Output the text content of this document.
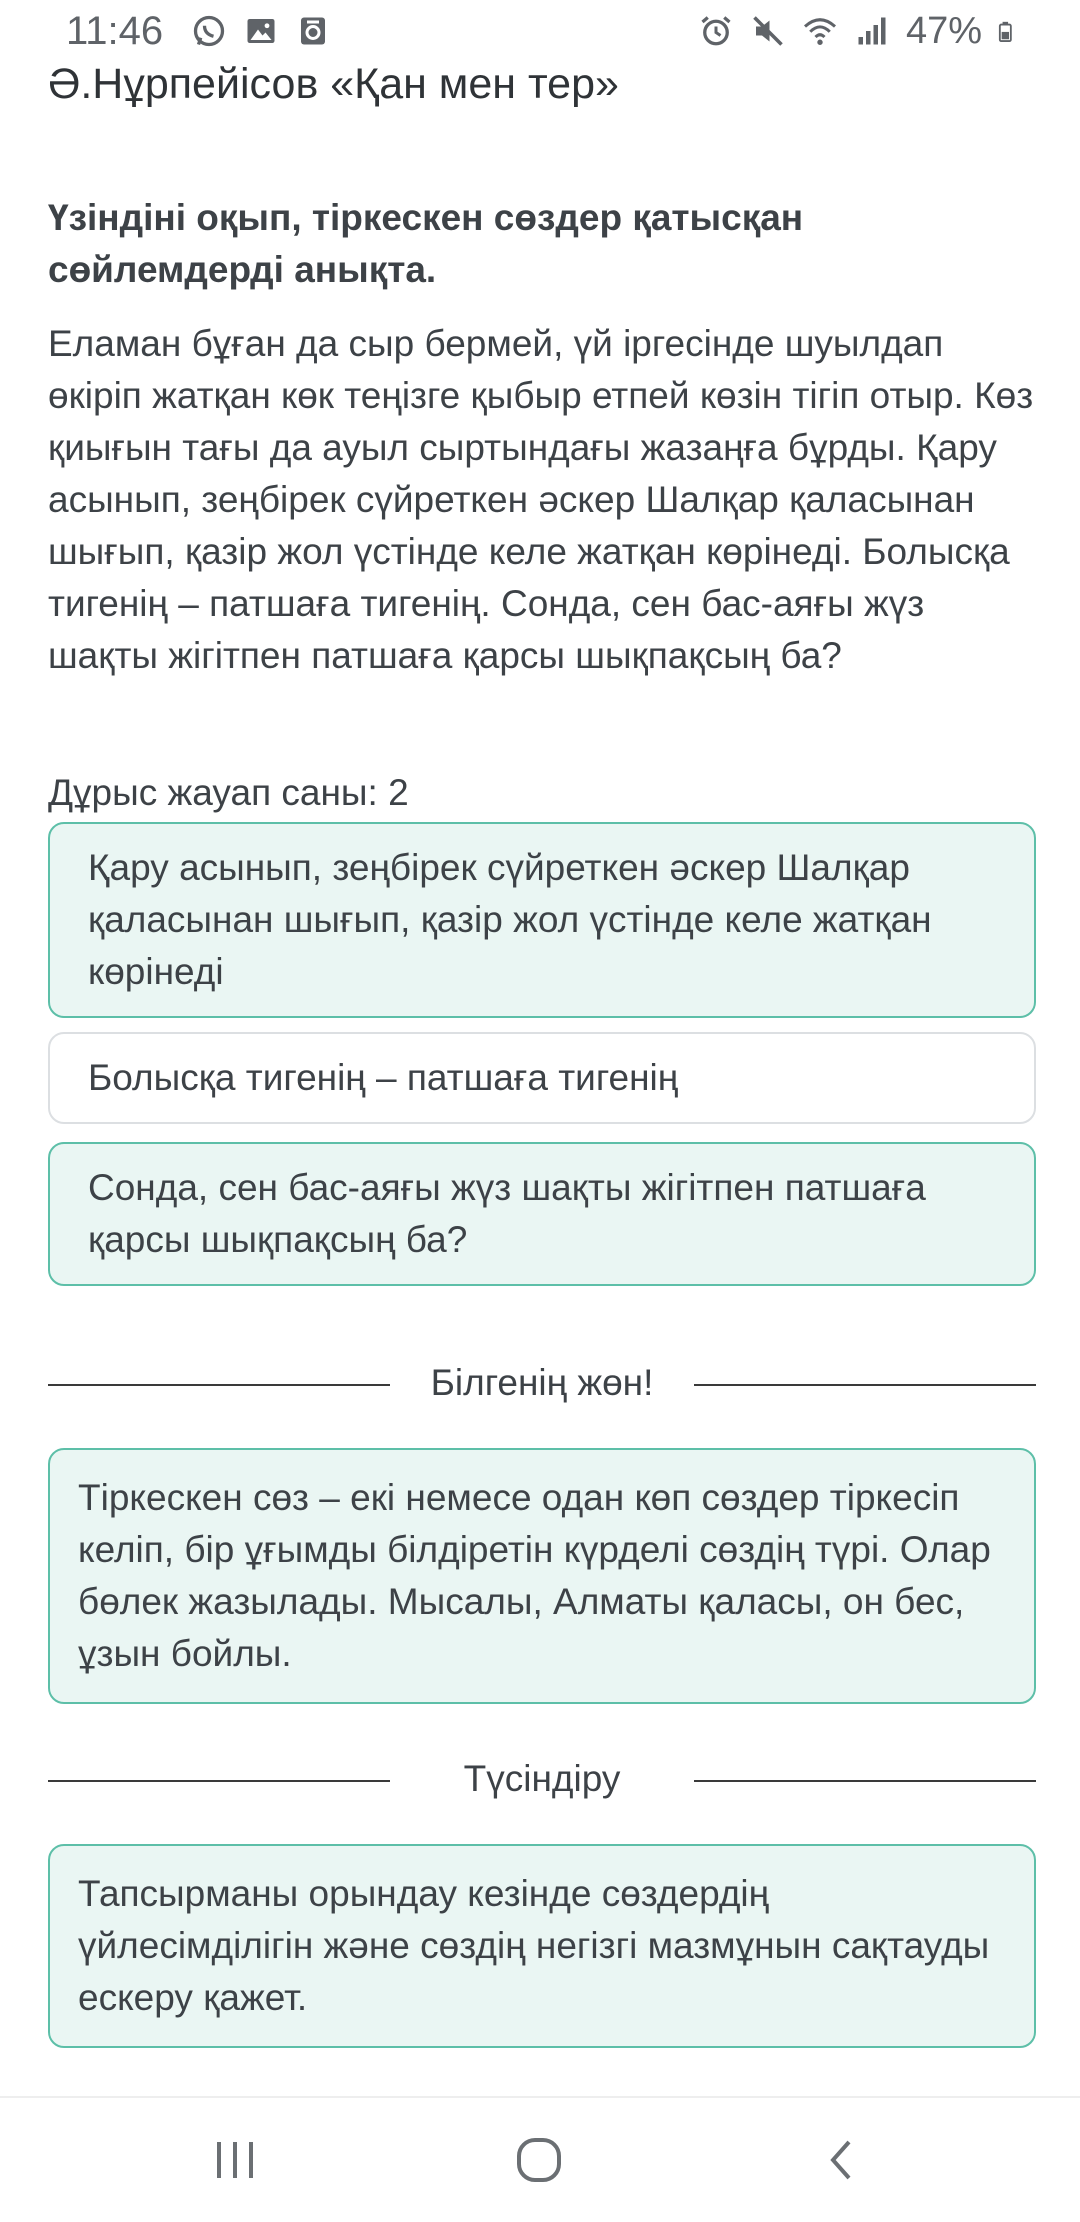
11:46	47%
Ә.Нұрпейісов «Қан мен тер»
Үзіндіні оқып, тіркескен сөздер қатысқан сөйлемдерді анықта.
Еламан бұған да сыр бермей, үй іргесінде шуылдап өкіріп жатқан көк теңізге қыбыр етпей көзін тігіп отыр. Көз қиығын тағы да ауыл сыртындағы жазаңға бұрды. Қару асынып, зеңбірек сүйреткен әскер Шалқар қаласынан шығып, қазір жол үстінде келе жатқан көрінеді. Болысқа тигенің – патшаға тигенің. Сонда, сен бас-аяғы жүз шақты жігітпен патшаға қарсы шықпақсың ба?
Дұрыс жауап саны: 2
Қару асынып, зеңбірек сүйреткен әскер Шалқар қаласынан шығып, қазір жол үстінде келе жатқан көрінеді
Болысқа тигенің – патшаға тигенің
Сонда, сен бас-аяғы жүз шақты жігітпен патшаға қарсы шықпақсың ба?
Білгенің жөн!
Тіркескен сөз – екі немесе одан көп сөздер тіркесіп келіп, бір ұғымды білдіретін күрделі сөздің түрі. Олар бөлек жазылады. Мысалы, Алматы қаласы, он бес, ұзын бойлы.
Түсіндіру
Тапсырманы орындау кезінде сөздердің үйлесімділігін және сөздің негізгі мазмұнын сақтауды ескеру қажет.
